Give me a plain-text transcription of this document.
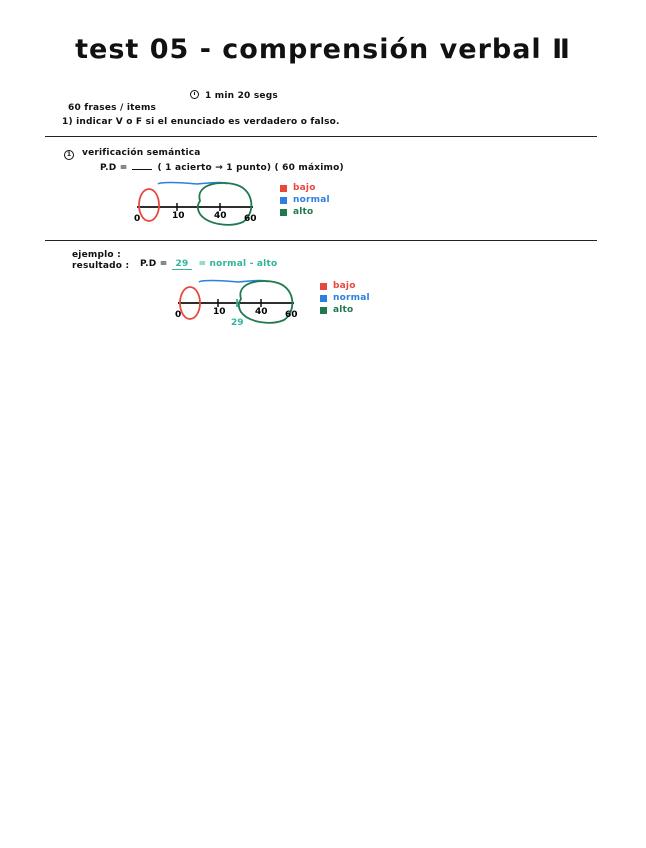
test 05 - comprensión verbal Ⅱ
1 min 20 segs
60 frases / items
1) indicar V o F si el enunciado es verdadero o falso.
1 verificación semántica
P.D =	( 1 acierto → 1 punto) ( 60 máximo)
0	10	40 60
bajo
normal
alto
ejemplo :
resultado : P.D = 29 = normal - alto
0	10	40 60
29
bajo
normal
alto
